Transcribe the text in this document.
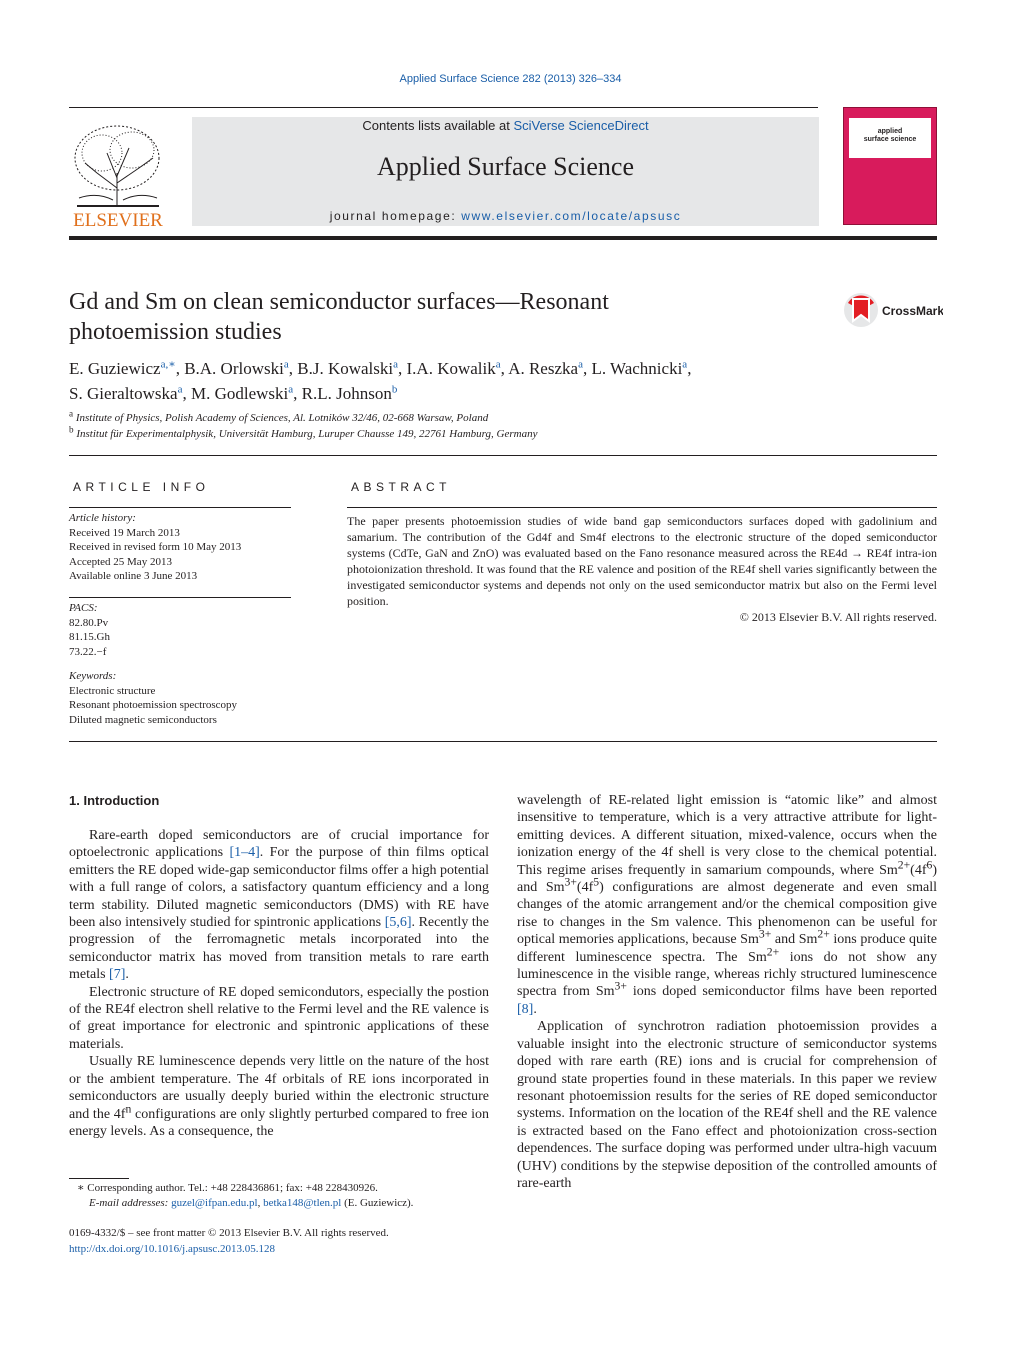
Applied Surface Science 282 (2013) 326–334
ELSEVIER
Contents lists available at SciVerse ScienceDirect
Applied Surface Science
journal homepage: www.elsevier.com/locate/apsusc
applied
surface science
Gd and Sm on clean semiconductor surfaces—Resonant
photoemission studies
CrossMark
E. Guziewicz$^{a,∗}$, B.A. Orlowski$^a$, B.J. Kowalski$^a$, I.A. Kowalik$^a$, A. Reszka$^a$, L. Wachnicki$^a$,
S. Gieraltowska$^a$, M. Godlewski$^a$, R.L. Johnson$^b$
$^a$ Institute of Physics, Polish Academy of Sciences, Al. Lotników 32/46, 02-668 Warsaw, Poland
$^b$ Institut für Experimentalphysik, Universität Hamburg, Luruper Chausse 149, 22761 Hamburg, Germany
ARTICLE INFO	ABSTRACT
Article history:
Received 19 March 2013
Received in revised form 10 May 2013
Accepted 25 May 2013
Available online 3 June 2013
PACS:
82.80.Pv
81.15.Gh
73.22.−f
Keywords:
Electronic structure
Resonant photoemission spectroscopy
Diluted magnetic semiconductors
The paper presents photoemission studies of wide band gap semiconductors surfaces doped with gadolinium and samarium. The contribution of the Gd4f and Sm4f electrons to the electronic structure of the doped semiconductor systems (CdTe, GaN and ZnO) was evaluated based on the Fano resonance measured across the RE4d → RE4f intra-ion photoionization threshold. It was found that the RE valence and position of the RE4f shell varies significantly between the investigated semiconductor systems and depends not only on the used semiconductor matrix but also on the Fermi level position.
© 2013 Elsevier B.V. All rights reserved.
1. Introduction

Rare-earth doped semiconductors are of crucial importance for optoelectronic applications [1–4]. For the purpose of thin films optical emitters the RE doped wide-gap semiconductor films offer a high potential with a full range of colors, a satisfactory quantum efficiency and a long term stability. Diluted magnetic semiconductors (DMS) with RE have been also intensively studied for spintronic applications [5,6]. Recently the progression of the ferromagnetic metals incorporated into the semiconductor matrix has moved from transition metals to rare earth metals [7].

Electronic structure of RE doped semicondutors, especially the postion of the RE4f electron shell relative to the Fermi level and the RE valence is of great importance for electronic and spintronic applications of these materials.

Usually RE luminescence depends very little on the nature of the host or the ambient temperature. The 4f orbitals of RE ions incorporated in semiconductors are usually deeply buried within the electronic structure and the $4f^n$ configurations are only slightly perturbed compared to free ion energy levels. As a consequence, the

wavelength of RE-related light emission is “atomic like” and almost insensitive to temperature, which is a very attractive attribute for light-emitting devices. A different situation, mixed-valence, occurs when the ionization energy of the 4f shell is very close to the chemical potential. This regime arises frequently in samarium compounds, where $Sm^{2+}(4f^6)$ and $Sm^{3+}(4f^5)$ configurations are almost degenerate and even small changes of the atomic arrangement and/or the chemical composition give rise to changes in the Sm valence. This phenomenon can be useful for optical memories applications, because $Sm^{3+}$ and $Sm^{2+}$ ions produce quite different luminescence spectra. The $Sm^{2+}$ ions do not show any luminescence in the visible range, whereas richly structured luminescence spectra from $Sm^{3+}$ ions doped semiconductor films have been reported [8].

Application of synchrotron radiation photoemission provides a valuable insight into the electronic structure of semiconductor systems doped with rare earth (RE) ions and is crucial for comprehension of ground state properties found in these materials. In this paper we review resonant photoemission results for the series of RE doped semiconductor systems. Information on the location of the RE4f shell and the RE valence is extracted based on the Fano effect and photoionization cross-section dependences. The surface doping was performed under ultra-high vacuum (UHV) conditions by the stepwise deposition of the controlled amounts of rare-earth

∗ Corresponding author. Tel.: +48 228436861; fax: +48 228430926.
E-mail addresses: guzel@ifpan.edu.pl, betka148@tlen.pl (E. Guziewicz).
0169-4332/$ – see front matter © 2013 Elsevier B.V. All rights reserved.
http://dx.doi.org/10.1016/j.apsusc.2013.05.128
